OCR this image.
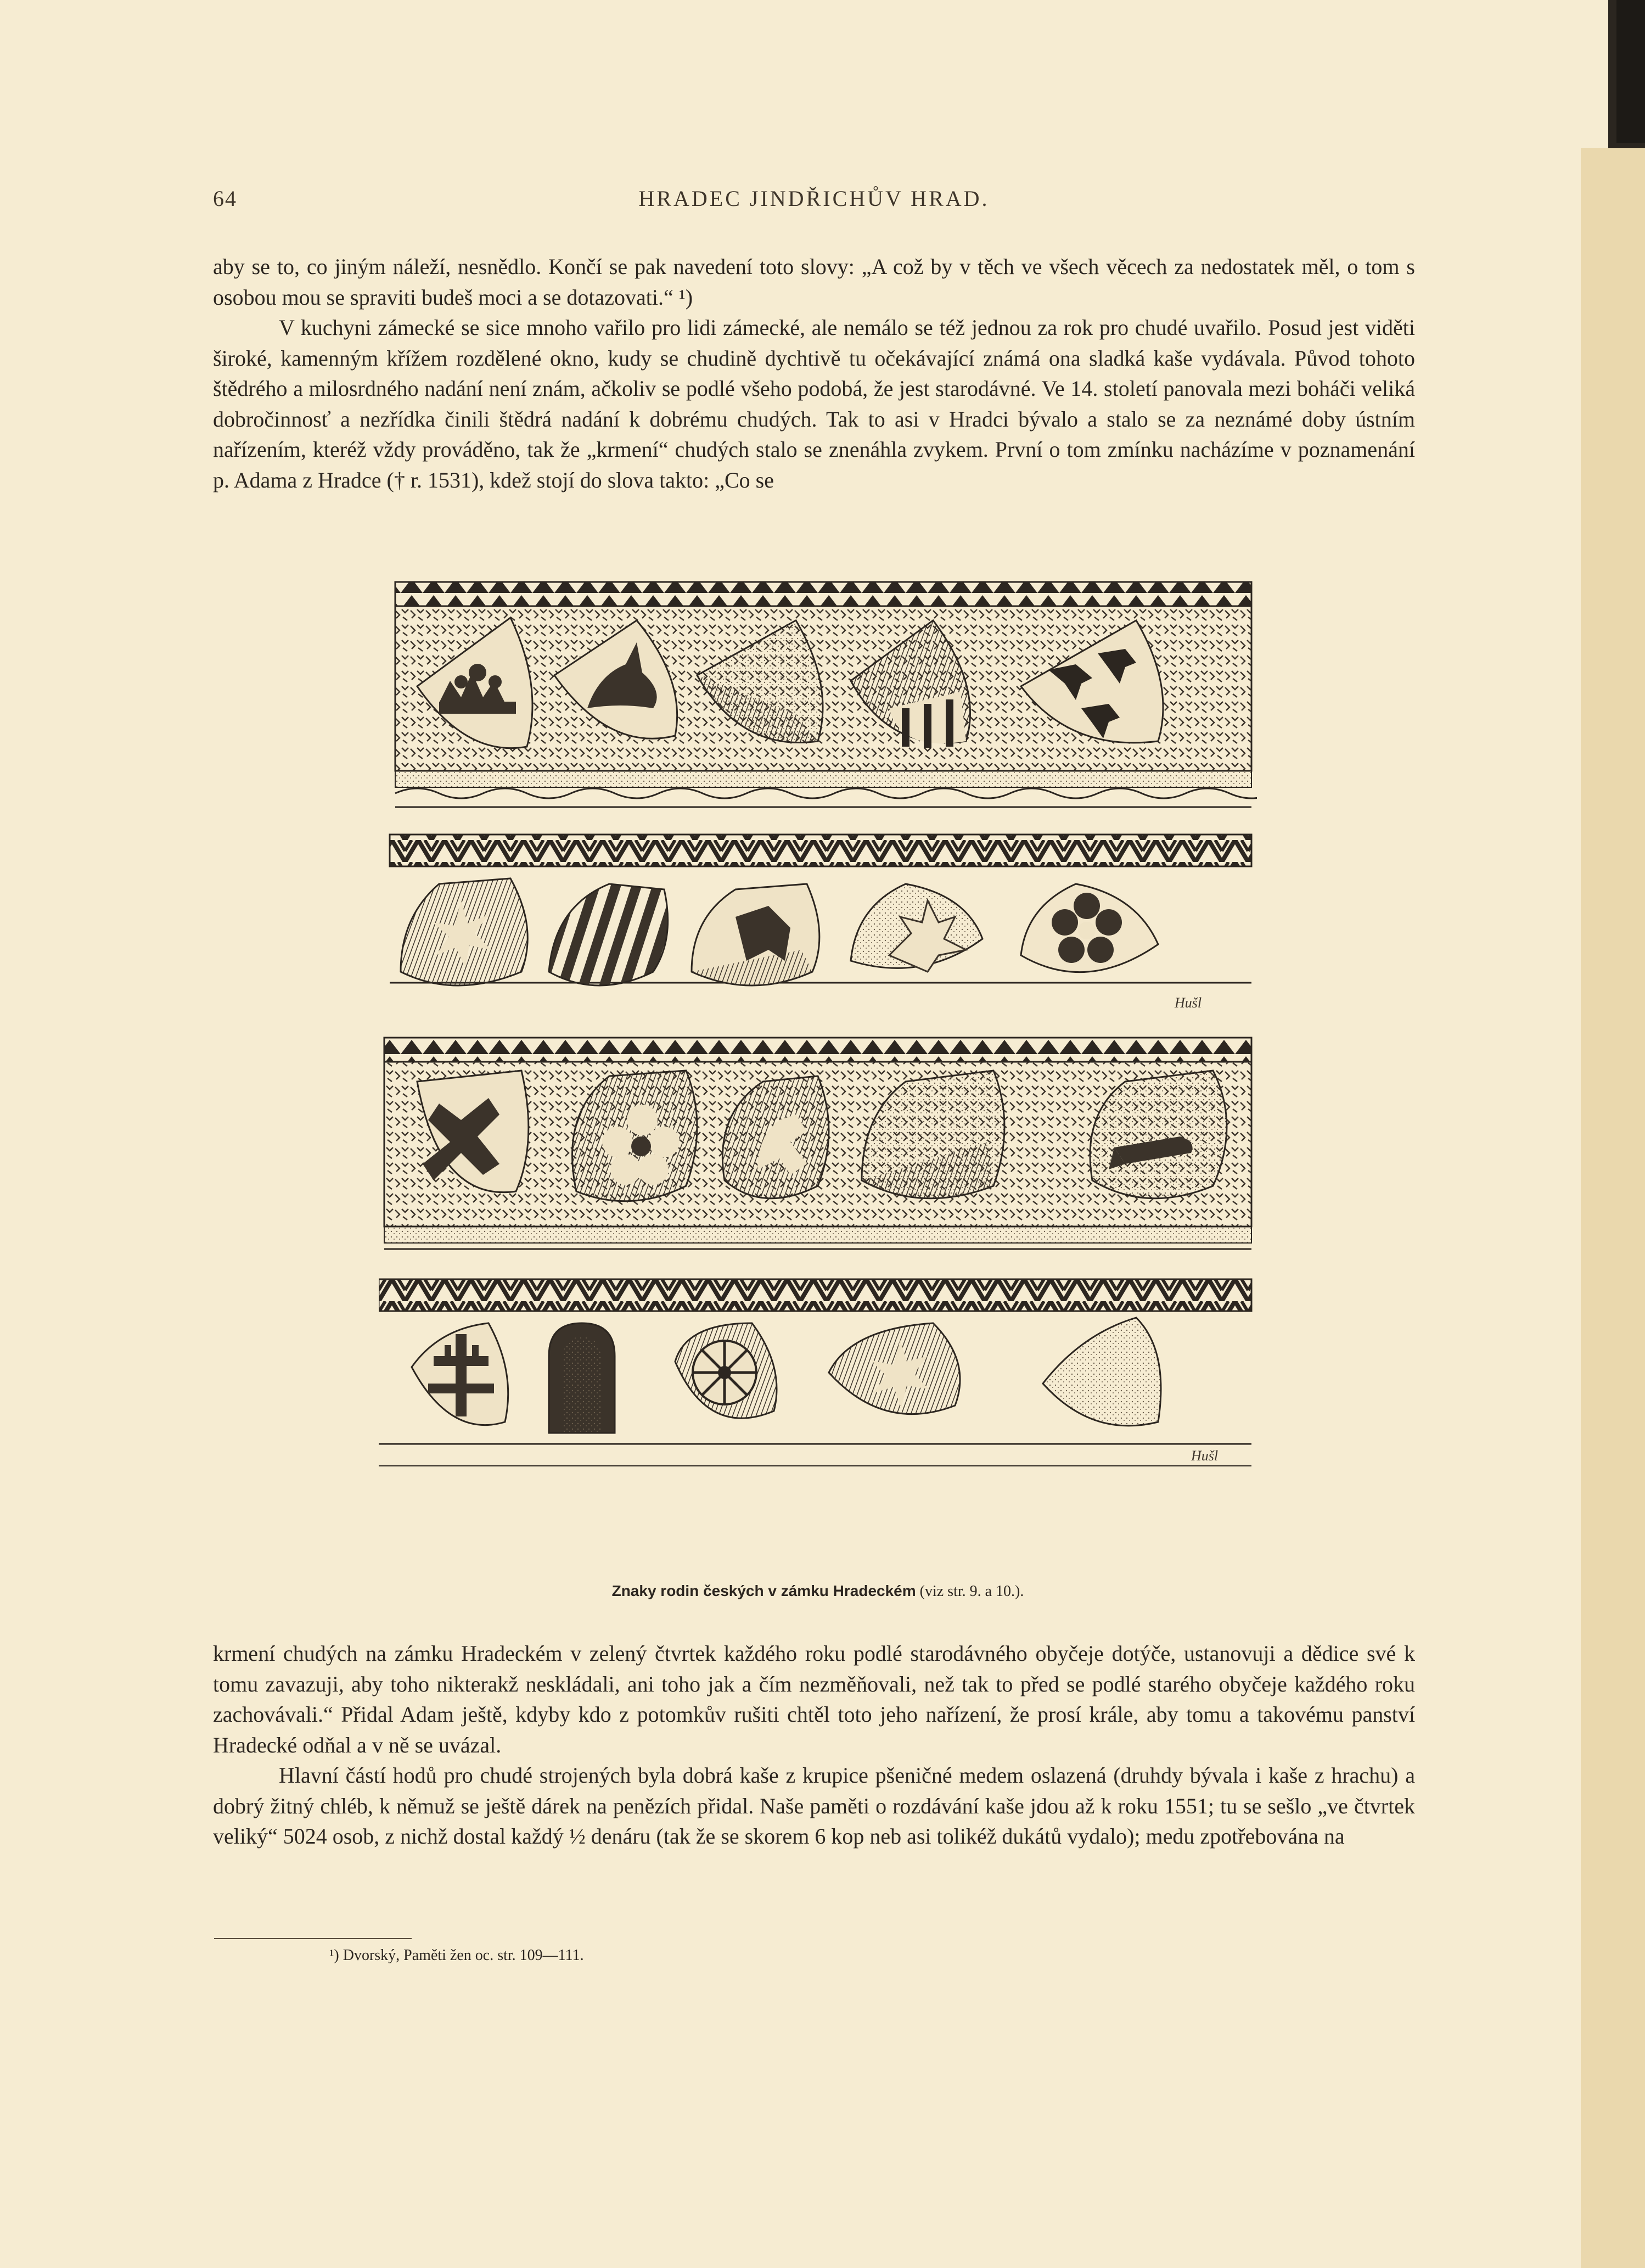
64	HRADEC JINDŘICHŮV HRAD.

aby se to, co jiným náleží, nesnědlo. Končí se pak navedení toto slovy: „A což by v těch ve všech věcech za nedostatek měl, o tom s osobou mou se spraviti budeš moci a se dotazovati.“ ¹)

V kuchyni zámecké se sice mnoho vařilo pro lidi zámecké, ale nemálo se též jednou za rok pro chudé uvařilo. Posud jest viděti široké, kamenným křížem rozdělené okno, kudy se chudině dychtivě tu očekávající známá ona sladká kaše vydávala. Původ tohoto štědrého a milosrdného nadání není znám, ačkoliv se podlé všeho podobá, že jest starodávné. Ve 14. století panovala mezi boháči veliká dobročinnosť a nezřídka činili štědrá nadání k dobrému chudých. Tak to asi v Hradci bývalo a stalo se za neznámé doby ústním nařízením, kteréž vždy prováděno, tak že „krmení“ chudých stalo se znenáhla zvykem. První o tom zmínku nacházíme v poznamenání p. Adama z Hradce († r. 1531), kdež stojí do slova takto: „Co se

Hušl
Hušl
Znaky rodin českých v zámku Hradeckém (viz str. 9. a 10.).

krmení chudých na zámku Hradeckém v zelený čtvrtek každého roku podlé starodávného obyčeje dotýče, ustanovuji a dědice své k tomu zavazuji, aby toho nikterakž neskládali, ani toho jak a čím nezměňovali, než tak to před se podlé starého obyčeje každého roku zachovávali.“ Přidal Adam ještě, kdyby kdo z potomkův rušiti chtěl toto jeho nařízení, že prosí krále, aby tomu a takovému panství Hradecké odňal a v ně se uvázal.

Hlavní částí hodů pro chudé strojených byla dobrá kaše z krupice pšeničné medem oslazená (druhdy bývala i kaše z hrachu) a dobrý žitný chléb, k němuž se ještě dárek na penězích přidal. Naše paměti o rozdávání kaše jdou až k roku 1551; tu se sešlo „ve čtvrtek veliký“ 5024 osob, z nichž dostal každý ½ denáru (tak že se skorem 6 kop neb asi tolikéž dukátů vydalo); medu zpotřebována na

¹) Dvorský, Paměti žen oc. str. 109—111.
